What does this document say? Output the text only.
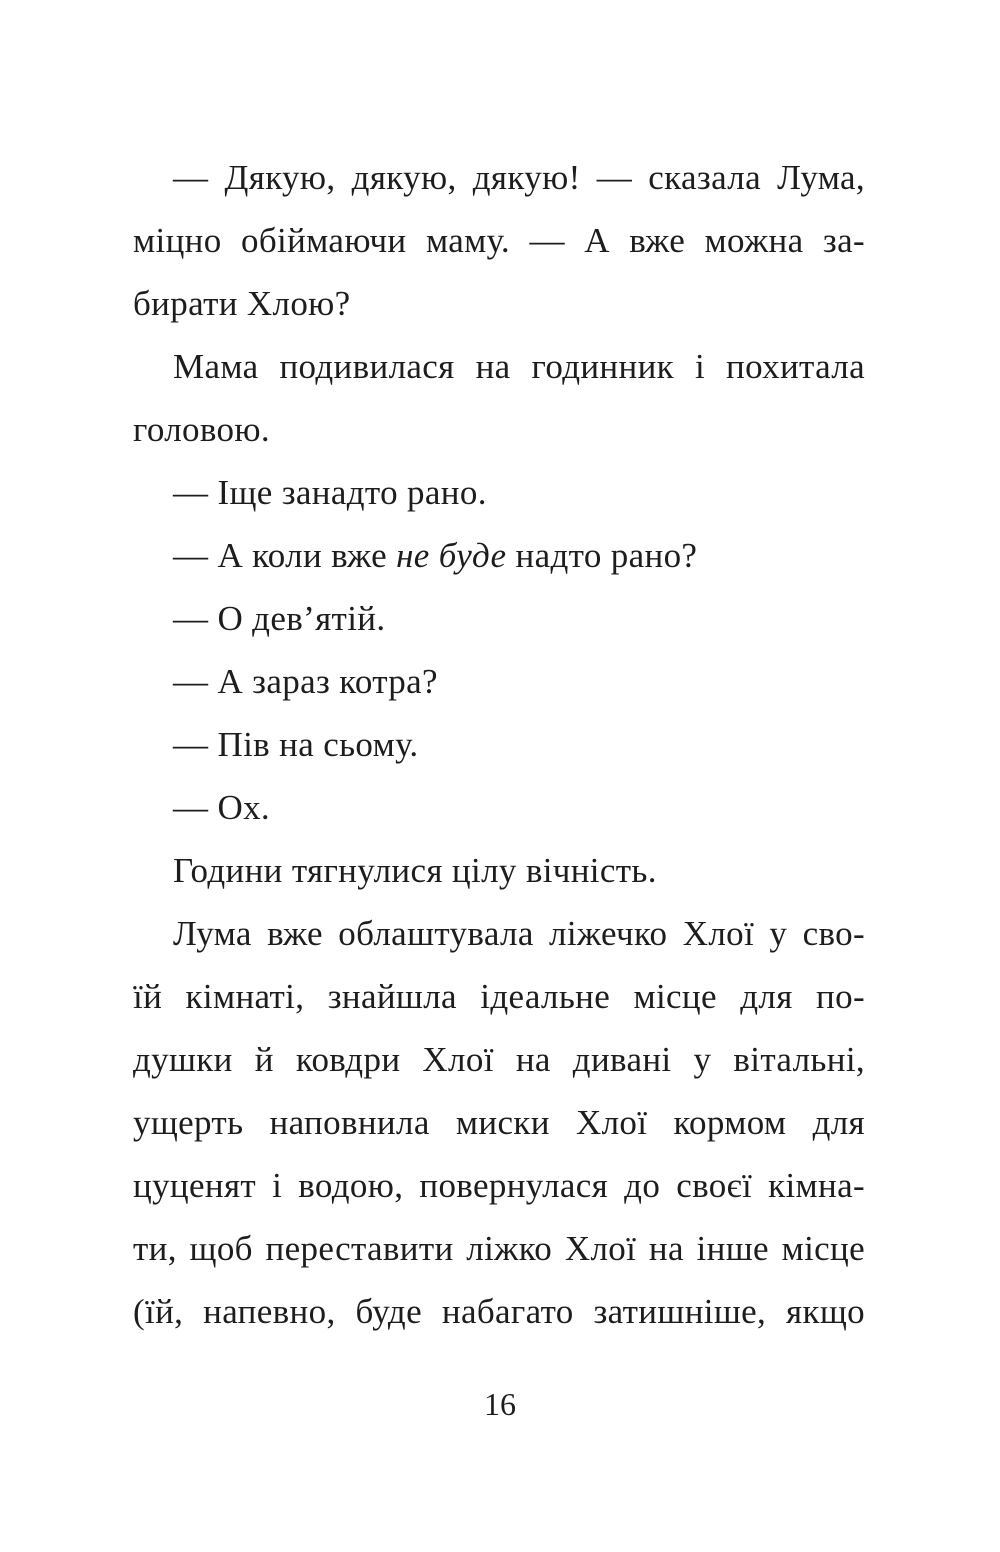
— Дякую, дякую, дякую! — сказала Лума,
міцно обіймаючи маму. — А вже можна за-
бирати Хлою?
Мама подивилася на годинник і похитала
головою.
— Іще занадто рано.
— А коли вже не буде надто рано?
— О дев’ятій.
— А зараз котра?
— Пів на сьому.
— Ох.
Години тягнулися цілу вічність.
Лума вже облаштувала ліжечко Хлої у сво-
їй кімнаті, знайшла ідеальне місце для по-
душки й ковдри Хлої на дивані у вітальні,
ущерть наповнила миски Хлої кормом для
цуценят і водою, повернулася до своєї кімна-
ти, щоб переставити ліжко Хлої на інше місце
(їй, напевно, буде набагато затишніше, якщо
16
